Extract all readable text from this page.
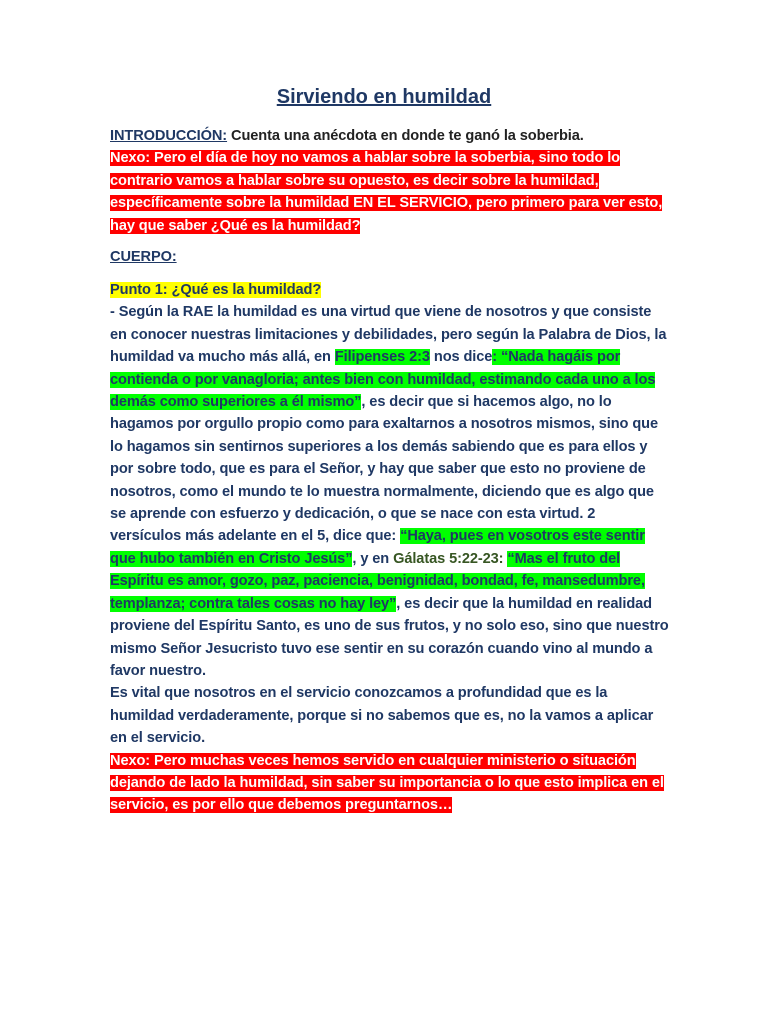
Sirviendo en humildad
INTRODUCCIÓN: Cuenta una anécdota en donde te ganó la soberbia.
Nexo: Pero el día de hoy no vamos a hablar sobre la soberbia, sino todo lo contrario vamos a hablar sobre su opuesto, es decir sobre la humildad, específicamente sobre la humildad EN EL SERVICIO, pero primero para ver esto, hay que saber ¿Qué es la humildad?
CUERPO:
Punto 1: ¿Qué es la humildad?
- Según la RAE la humildad es una virtud que viene de nosotros y que consiste en conocer nuestras limitaciones y debilidades, pero según la Palabra de Dios, la humildad va mucho más allá, en Filipenses 2:3 nos dice: “Nada hagáis por contienda o por vanagloria; antes bien con humildad, estimando cada uno a los demás como superiores a él mismo”, es decir que si hacemos algo, no lo hagamos por orgullo propio como para exaltarnos a nosotros mismos, sino que lo hagamos sin sentirnos superiores a los demás sabiendo que es para ellos y por sobre todo, que es para el Señor, y hay que saber que esto no proviene de nosotros, como el mundo te lo muestra normalmente, diciendo que es algo que se aprende con esfuerzo y dedicación, o que se nace con esta virtud. 2 versículos más adelante en el 5, dice que: “Haya, pues en vosotros este sentir que hubo también en Cristo Jesús”, y en Gálatas 5:22-23: “Mas el fruto del Espíritu es amor, gozo, paz, paciencia, benignidad, bondad, fe, mansedumbre, templanza; contra tales cosas no hay ley”, es decir que la humildad en realidad proviene del Espíritu Santo, es uno de sus frutos, y no solo eso, sino que nuestro mismo Señor Jesucristo tuvo ese sentir en su corazón cuando vino al mundo a favor nuestro.
Es vital que nosotros en el servicio conozcamos a profundidad que es la humildad verdaderamente, porque si no sabemos que es, no la vamos a aplicar en el servicio.
Nexo: Pero muchas veces hemos servido en cualquier ministerio o situación dejando de lado la humildad, sin saber su importancia o lo que esto implica en el servicio, es por ello que debemos preguntarnos…
